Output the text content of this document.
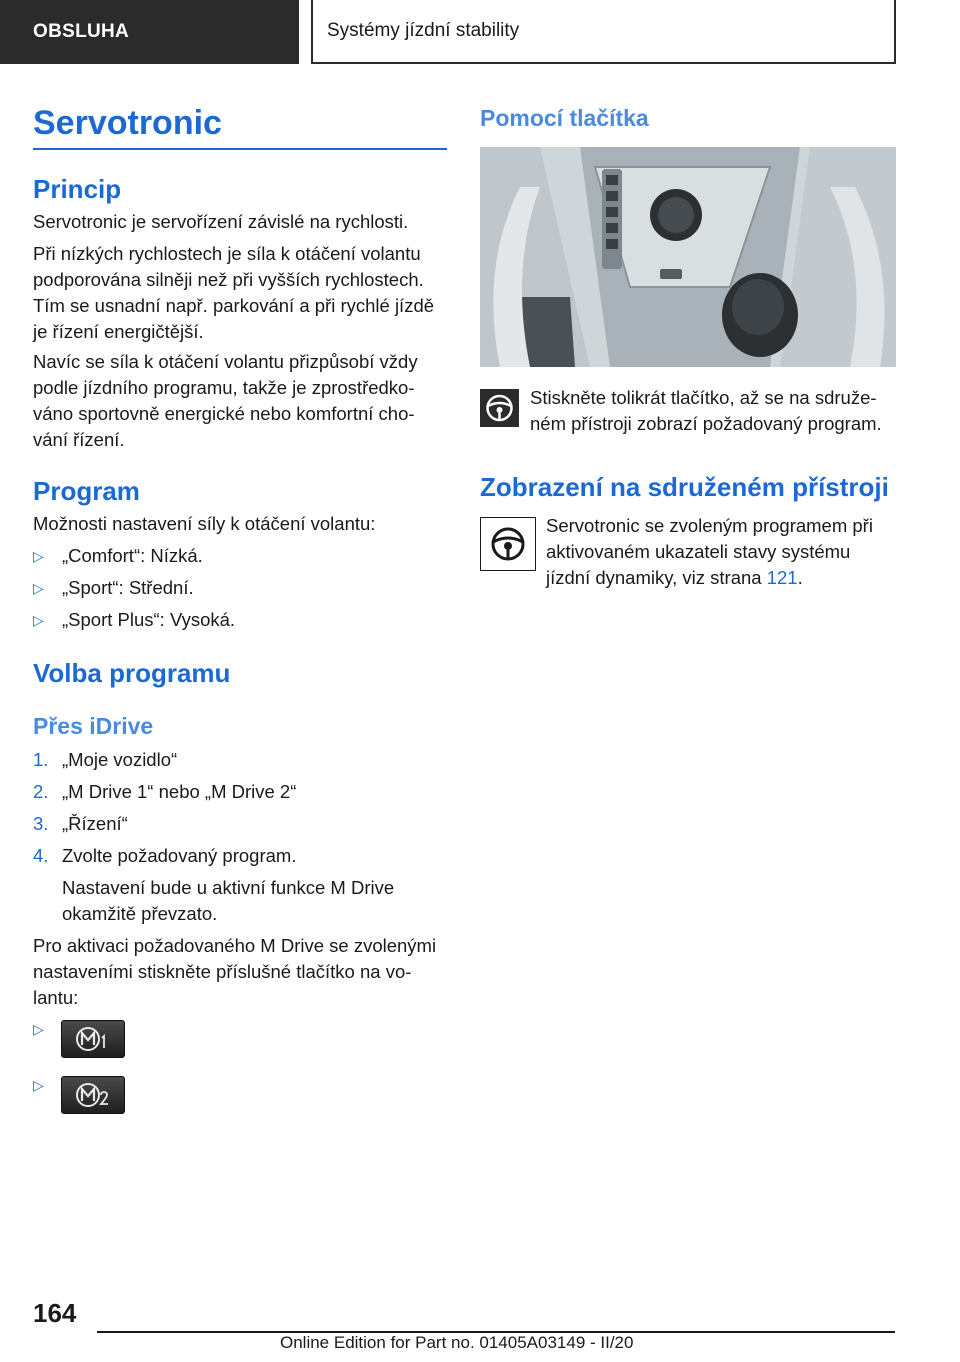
OBSLUHA	Systémy jízdní stability
Servotronic
Princip
Servotronic je servořízení závislé na rychlosti.
Při nízkých rychlostech je síla k otáčení volantu
podporována silněji než při vyšších rychlostech.
Tím se usnadní např. parkování a při rychlé jízdě
je řízení energičtější.
Navíc se síla k otáčení volantu přizpůsobí vždy
podle jízdního programu, takže je zprostředko-
váno sportovně energické nebo komfortní cho-
vání řízení.
Program
Možnosti nastavení síly k otáčení volantu:
▷ „Comfort“: Nízká.
▷ „Sport“: Střední.
▷ „Sport Plus“: Vysoká.
Volba programu
Přes iDrive
1. „Moje vozidlo“
2. „M Drive 1“ nebo „M Drive 2“
3. „Řízení“
4. Zvolte požadovaný program.
Nastavení bude u aktivní funkce M Drive
okamžitě převzato.
Pro aktivaci požadovaného M Drive se zvolenými
nastaveními stiskněte příslušné tlačítko na vo-
lantu:
▷
▷
Pomocí tlačítka
Stiskněte tolikrát tlačítko, až se na sdruže-
ném přístroji zobrazí požadovaný program.
Zobrazení na sdruženém přístroji
Servotronic se zvoleným programem při
aktivovaném ukazateli stavy systému
jízdní dynamiky, viz strana 121.
164
Online Edition for Part no. 01405A03149 - II/20
